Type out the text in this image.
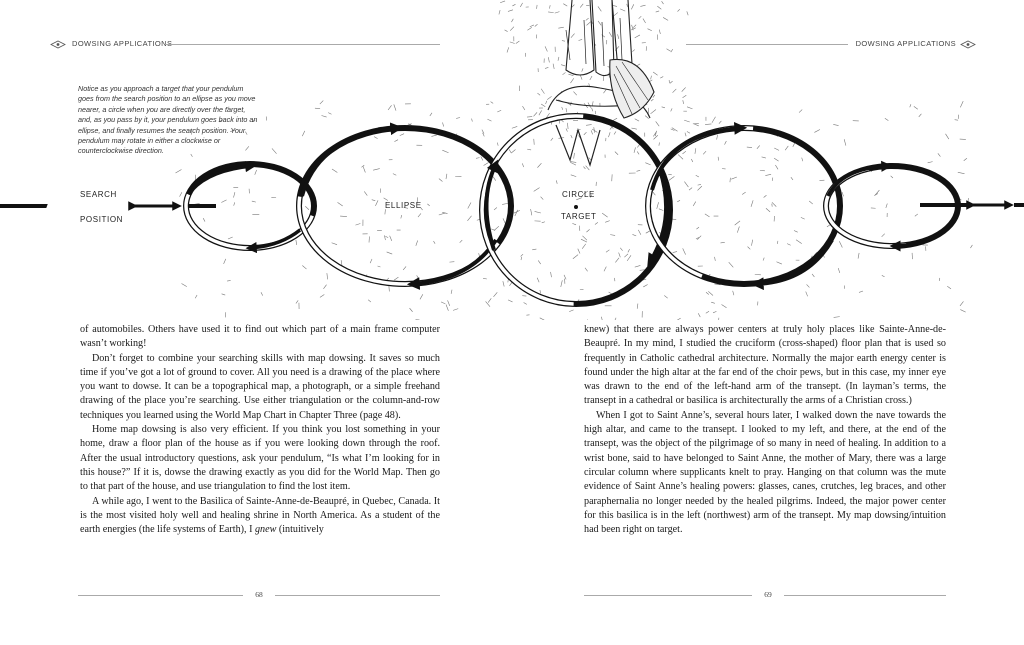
DOWSING APPLICATIONS	DOWSING APPLICATIONS
SEARCH
POSITION
ELLIPSE
CIRCLE
TARGET

Notice as you approach a target that your pendulum goes from the search position to an ellipse as you move nearer, a circle when you are directly over the target, and, as you pass by it, your pendulum goes back into an ellipse, and finally resumes the search position. Your pendulum may rotate in either a clockwise or counterclockwise direction.

of automobiles. Others have used it to find out which part of a main frame computer wasn’t working!

Don’t forget to combine your searching skills with map dowsing. It saves so much time if you’ve got a lot of ground to cover. All you need is a drawing of the place where you want to dowse. It can be a topographical map, a photograph, or a simple freehand drawing of the place you’re searching. Use either triangulation or the column-and-row techniques you learned using the World Map Chart in Chapter Three (page 48).

Home map dowsing is also very efficient. If you think you lost something in your home, draw a floor plan of the house as if you were looking down through the roof. After the usual introductory questions, ask your pendulum, “Is what I’m looking for in this house?” If it is, dowse the drawing exactly as you did for the World Map. Then go to that part of the house, and use triangulation to find the lost item.

A while ago, I went to the Basilica of Sainte-Anne-de-Beaupré, in Quebec, Canada. It is the most visited holy well and healing shrine in North America. As a student of the earth energies (the life systems of Earth), I gnew (intuitively

knew) that there are always power centers at truly holy places like Sainte-Anne-de-Beaupré. In my mind, I studied the cruciform (cross-shaped) floor plan that is used so frequently in Catholic cathedral architecture. Normally the major earth energy center is found under the high altar at the far end of the choir pews, but in this case, my inner eye was drawn to the end of the left-hand arm of the transept. (In layman’s terms, the transept in a cathedral or basilica is architecturally the arms of a Christian cross.)

When I got to Saint Anne’s, several hours later, I walked down the nave towards the high altar, and came to the transept. I looked to my left, and there, at the end of the transept, was the object of the pilgrimage of so many in need of healing. In addition to a wrist bone, said to have belonged to Saint Anne, the mother of Mary, there was a large circular column where supplicants knelt to pray. Hanging on that column was the mute evidence of Saint Anne’s healing powers: glasses, canes, crutches, leg braces, and other paraphernalia no longer needed by the healed pilgrims. Indeed, the major power center for this basilica is in the left (northwest) arm of the transept. My map dowsing/intuition had been right on target.

68	69
